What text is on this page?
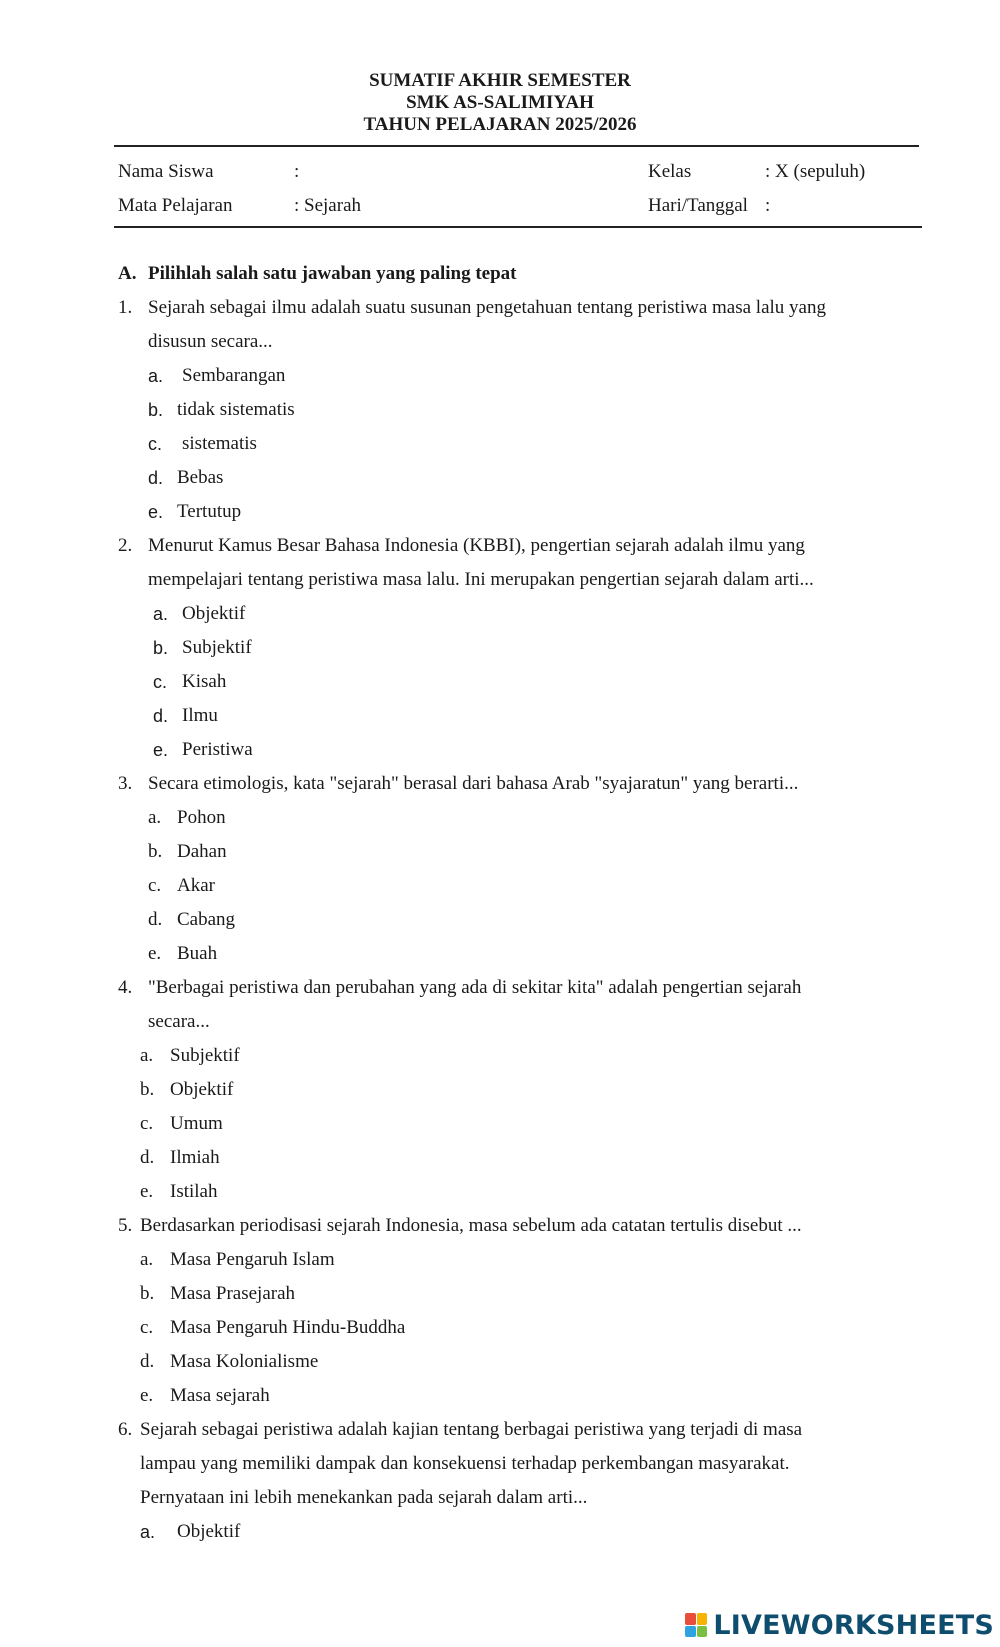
SUMATIF AKHIR SEMESTER
SMK AS-SALIMIYAH
TAHUN PELAJARAN 2025/2026
Nama Siswa	:	Kelas	: X (sepuluh)
Mata Pelajaran	: Sejarah	Hari/Tanggal :
A. Pilihlah salah satu jawaban yang paling tepat
1. Sejarah sebagai ilmu adalah suatu susunan pengetahuan tentang peristiwa masa lalu yang
disusun secara...
a. Sembarangan
b. tidak sistematis
c. sistematis
d. Bebas
e. Tertutup
2. Menurut Kamus Besar Bahasa Indonesia (KBBI), pengertian sejarah adalah ilmu yang
mempelajari tentang peristiwa masa lalu. Ini merupakan pengertian sejarah dalam arti...
a. Objektif
b. Subjektif
c. Kisah
d. Ilmu
e. Peristiwa
3. Secara etimologis, kata "sejarah" berasal dari bahasa Arab "syajaratun" yang berarti...
a. Pohon
b. Dahan
c. Akar
d. Cabang
e. Buah
4. "Berbagai peristiwa dan perubahan yang ada di sekitar kita" adalah pengertian sejarah
secara...
a. Subjektif
b. Objektif
c. Umum
d. Ilmiah
e. Istilah
5. Berdasarkan periodisasi sejarah Indonesia, masa sebelum ada catatan tertulis disebut ...
a. Masa Pengaruh Islam
b. Masa Prasejarah
c. Masa Pengaruh Hindu-Buddha
d. Masa Kolonialisme
e. Masa sejarah
6. Sejarah sebagai peristiwa adalah kajian tentang berbagai peristiwa yang terjadi di masa
lampau yang memiliki dampak dan konsekuensi terhadap perkembangan masyarakat.
Pernyataan ini lebih menekankan pada sejarah dalam arti...
a. Objektif
LIVEWORKSHEETS
